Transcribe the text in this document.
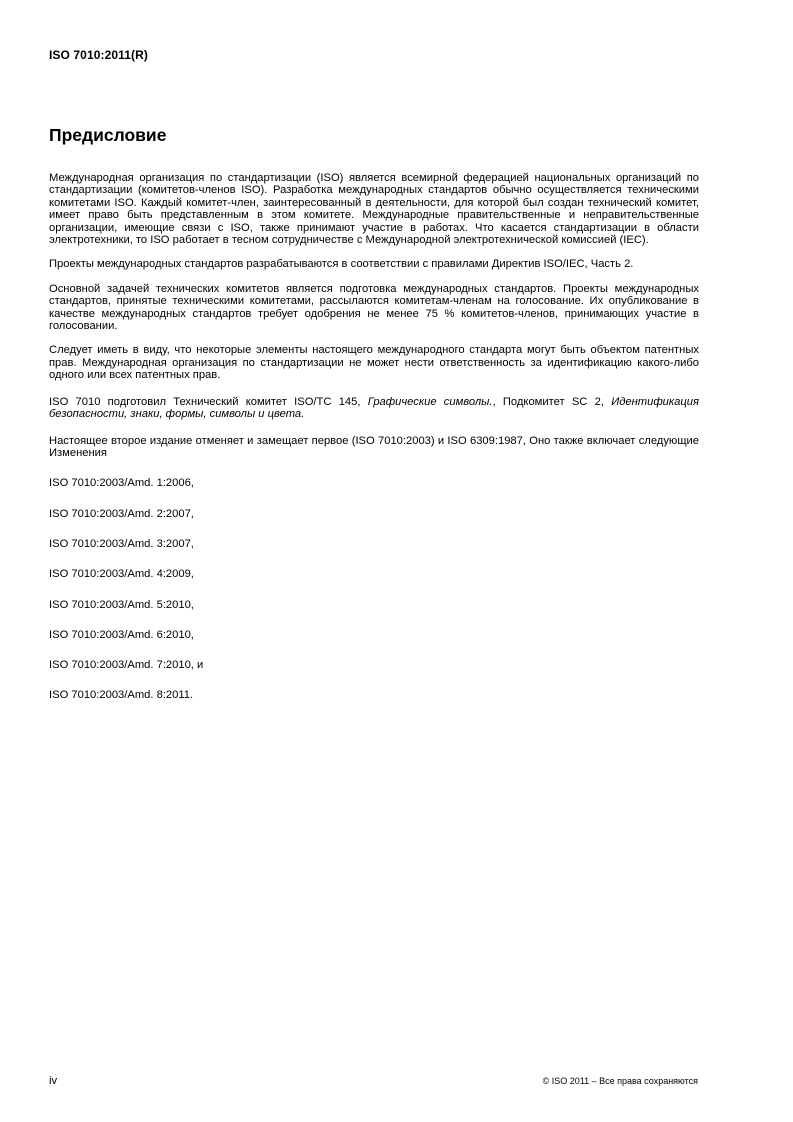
ISO 7010:2011(R)
Предисловие

Международная организация по стандартизации (ISO) является всемирной федерацией национальных организаций по стандартизации (комитетов-членов ISO). Разработка международных стандартов обычно осуществляется техническими комитетами ISO. Каждый комитет-член, заинтересованный в деятельности, для которой был создан технический комитет, имеет право быть представленным в этом комитете. Международные правительственные и неправительственные организации, имеющие связи с ISO, также принимают участие в работах. Что касается стандартизации в области электротехники, то ISO работает в тесном сотрудничестве с Международной электротехнической комиссией (IEC).

Проекты международных стандартов разрабатываются в соответствии с правилами Директив ISO/IEC, Часть 2.

Основной задачей технических комитетов является подготовка международных стандартов. Проекты международных стандартов, принятые техническими комитетами, рассылаются комитетам-членам на голосование. Их опубликование в качестве международных стандартов требует одобрения не менее 75 % комитетов-членов, принимающих участие в голосовании.

Следует иметь в виду, что некоторые элементы настоящего международного стандарта могут быть объектом патентных прав. Международная организация по стандартизации не может нести ответственность за идентификацию какого-либо одного или всех патентных прав.

ISO 7010 подготовил Технический комитет ISO/TC 145, Графические символы., Подкомитет SC 2, Идентификация безопасности, знаки, формы, символы и цвета.

Настоящее второе издание отменяет и замещает первое (ISO 7010:2003) и ISO 6309:1987, Оно также включает следующие Изменения

ISO 7010:2003/Amd. 1:2006,
ISO 7010:2003/Amd. 2:2007,
ISO 7010:2003/Amd. 3:2007,
ISO 7010:2003/Amd. 4:2009,
ISO 7010:2003/Amd. 5:2010,
ISO 7010:2003/Amd. 6:2010,
ISO 7010:2003/Amd. 7:2010, и
ISO 7010:2003/Amd. 8:2011.
iv	© ISO 2011 – Все права сохраняются
